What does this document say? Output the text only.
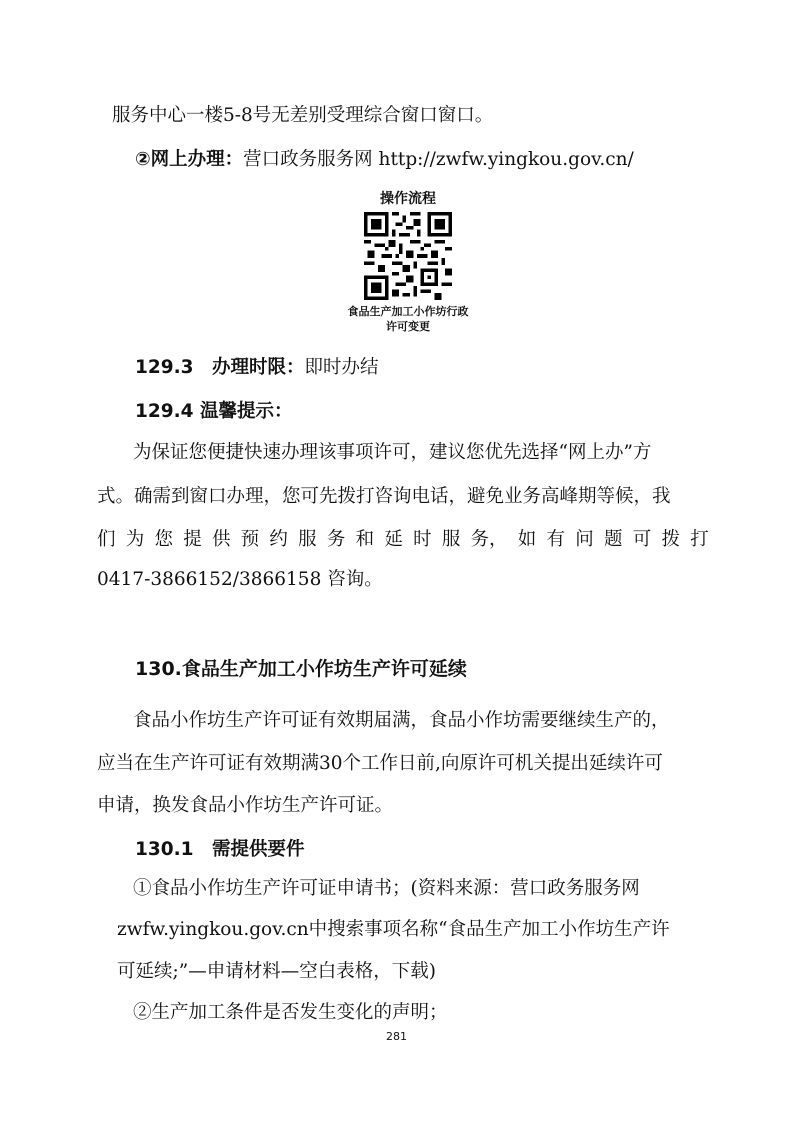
服务中心一楼5-8号无差别受理综合窗口窗口。
②网上办理：营口政务服务网 http://zwfw.yingkou.gov.cn/
操作流程
食品生产加工小作坊行政
许可变更
129.3　办理时限：即时办结
129.4 温馨提示：
为保证您便捷快速办理该事项许可，建议您优先选择“网上办”方
式。确需到窗口办理，您可先拨打咨询电话，避免业务高峰期等候，我
们 为 您 提 供 预 约 服 务 和 延 时 服 务， 如 有 问 题 可 拨 打
0417-3866152/3866158 咨询。
130.食品生产加工小作坊生产许可延续
食品小作坊生产许可证有效期届满，食品小作坊需要继续生产的，
应当在生产许可证有效期满30个工作日前,向原许可机关提出延续许可
申请，换发食品小作坊生产许可证。
130.1　需提供要件
①食品小作坊生产许可证申请书；(资料来源：营口政务服务网
zwfw.yingkou.gov.cn中搜索事项名称“食品生产加工小作坊生产许
可延续;”—申请材料—空白表格，下载)
②生产加工条件是否发生变化的声明；
281
